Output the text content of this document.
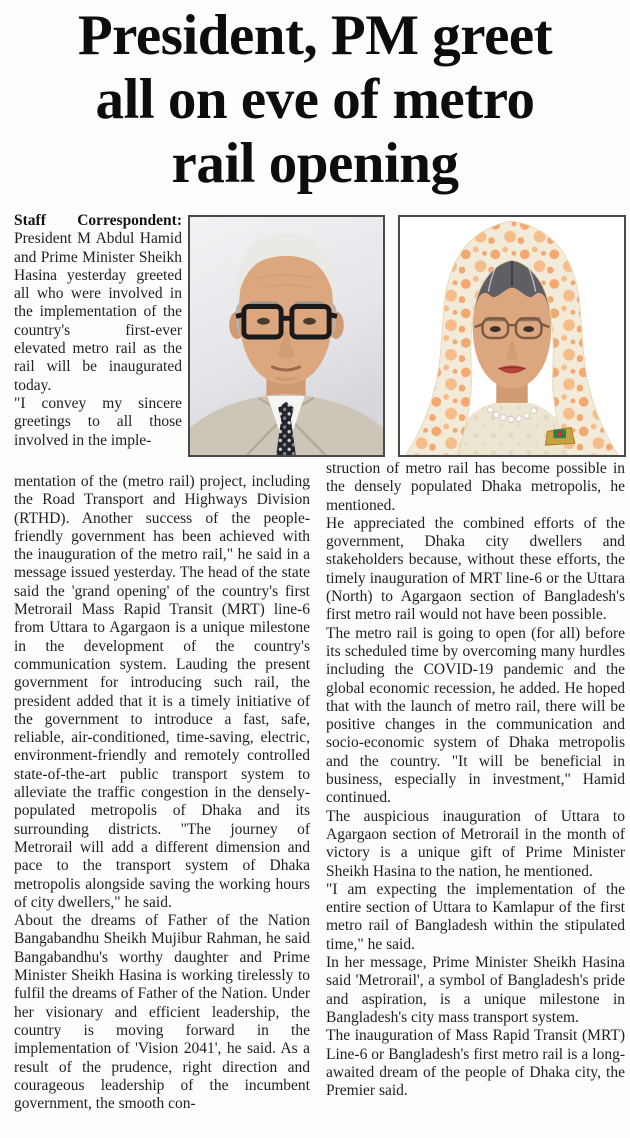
President, PM greet
all on eve of metro
rail opening

Staff Correspondent: President M Abdul Hamid and Prime Minister Sheikh Hasina yesterday greeted all who were involved in the implementation of the country's first-ever elevated metro rail as the rail will be inaugurated today.

"I convey my sincere greetings to all those involved in the imple-

mentation of the (metro rail) project, including the Road Transport and Highways Division (RTHD). Another success of the people-friendly government has been achieved with the inauguration of the metro rail," he said in a message issued yesterday. The head of the state said the 'grand opening' of the country's first Metrorail Mass Rapid Transit (MRT) line-6 from Uttara to Agargaon is a unique milestone in the development of the country's communication system. Lauding the present government for introducing such rail, the president added that it is a timely initiative of the government to introduce a fast, safe, reliable, air-conditioned, time-saving, electric, environment-friendly and remotely controlled state-of-the-art public transport system to alleviate the traffic congestion in the densely-populated metropolis of Dhaka and its surrounding districts. "The journey of Metrorail will add a different dimension and pace to the transport system of Dhaka metropolis alongside saving the working hours of city dwellers," he said.

About the dreams of Father of the Nation Bangabandhu Sheikh Mujibur Rahman, he said Bangabandhu's worthy daughter and Prime Minister Sheikh Hasina is working tirelessly to fulfil the dreams of Father of the Nation. Under her visionary and efficient leadership, the country is moving forward in the implementation of 'Vision 2041', he said. As a result of the prudence, right direction and courageous leadership of the incumbent government, the smooth con-

struction of metro rail has become possible in the densely populated Dhaka metropolis, he mentioned.

He appreciated the combined efforts of the government, Dhaka city dwellers and stakeholders because, without these efforts, the timely inauguration of MRT line-6 or the Uttara (North) to Agargaon section of Bangladesh's first metro rail would not have been possible.

The metro rail is going to open (for all) before its scheduled time by overcoming many hurdles including the COVID-19 pandemic and the global economic recession, he added. He hoped that with the launch of metro rail, there will be positive changes in the communication and socio-economic system of Dhaka metropolis and the country. "It will be beneficial in business, especially in investment," Hamid continued.

The auspicious inauguration of Uttara to Agargaon section of Metrorail in the month of victory is a unique gift of Prime Minister Sheikh Hasina to the nation, he mentioned.

"I am expecting the implementation of the entire section of Uttara to Kamlapur of the first metro rail of Bangladesh within the stipulated time," he said.

In her message, Prime Minister Sheikh Hasina said 'Metrorail', a symbol of Bangladesh's pride and aspiration, is a unique milestone in Bangladesh's city mass transport system.

The inauguration of Mass Rapid Transit (MRT) Line-6 or Bangladesh's first metro rail is a long-awaited dream of the people of Dhaka city, the Premier said.
